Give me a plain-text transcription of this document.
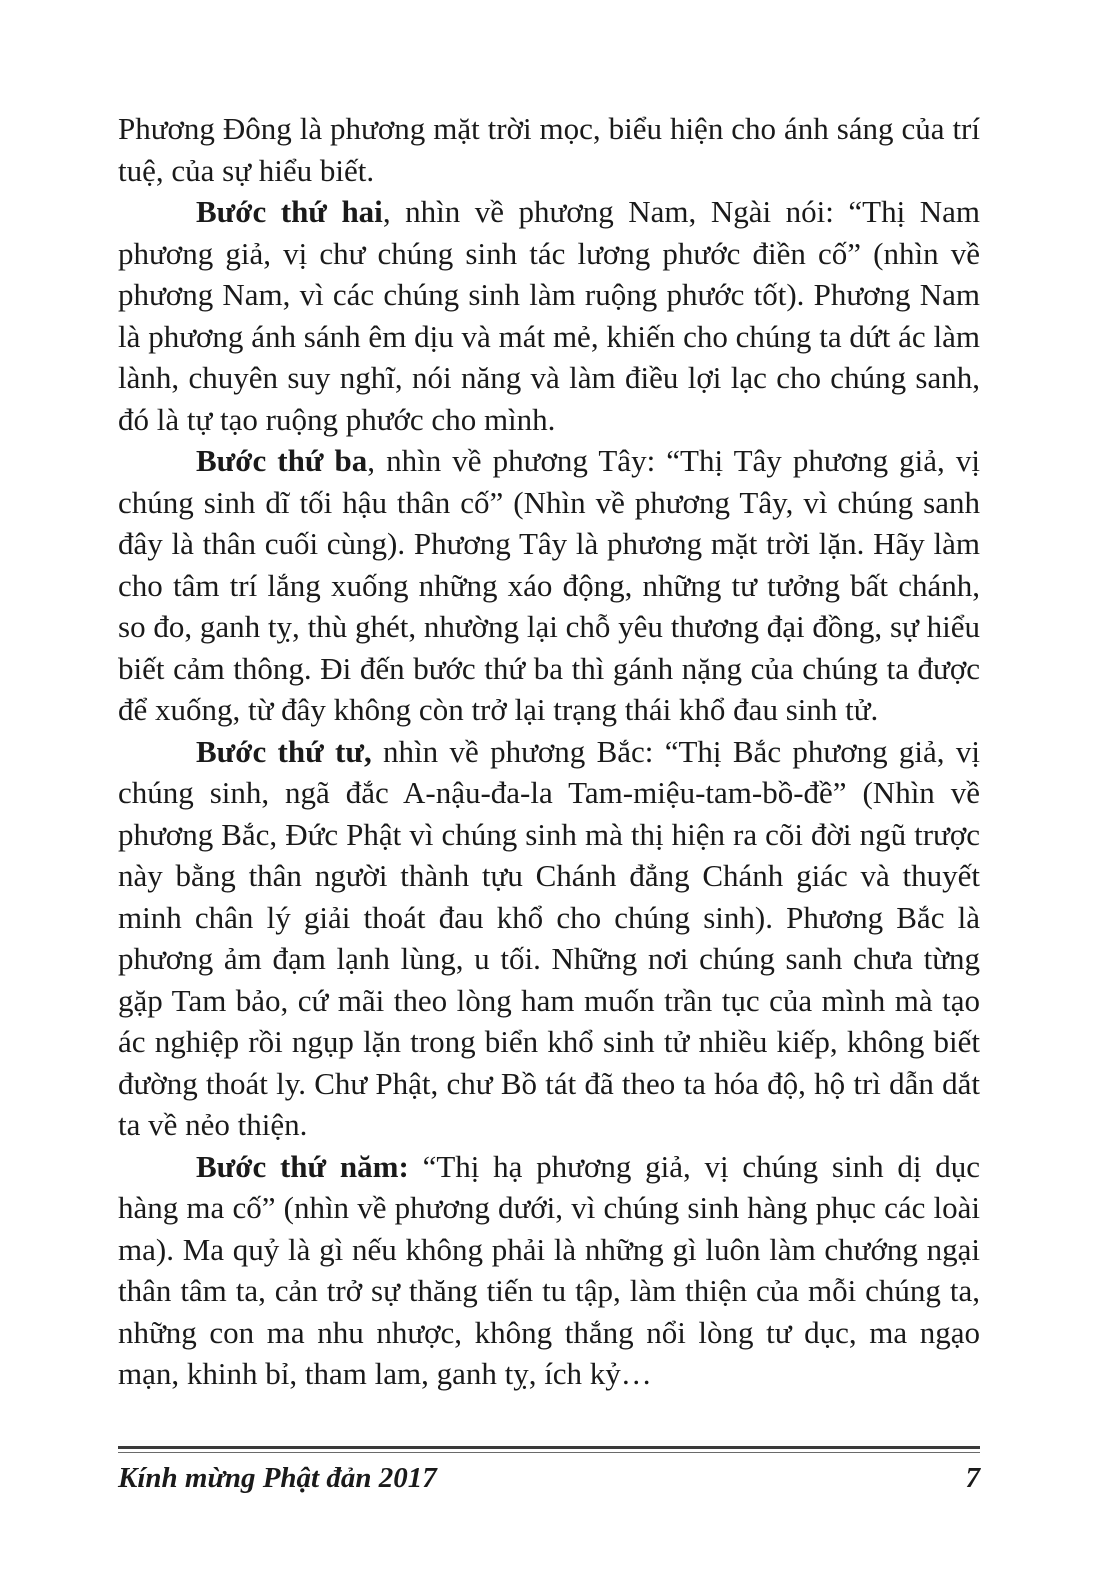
Phương Đông là phương mặt trời mọc, biểu hiện cho ánh sáng của trí tuệ, của sự hiểu biết.

Bước thứ hai, nhìn về phương Nam, Ngài nói: “Thị Nam phương giả, vị chư chúng sinh tác lương phước điền cố” (nhìn về phương Nam, vì các chúng sinh làm ruộng phước tốt). Phương Nam là phương ánh sánh êm dịu và mát mẻ, khiến cho chúng ta dứt ác làm lành, chuyên suy nghĩ, nói năng và làm điều lợi lạc cho chúng sanh, đó là tự tạo ruộng phước cho mình.

Bước thứ ba, nhìn về phương Tây: “Thị Tây phương giả, vị chúng sinh dĩ tối hậu thân cố” (Nhìn về phương Tây, vì chúng sanh đây là thân cuối cùng). Phương Tây là phương mặt trời lặn. Hãy làm cho tâm trí lắng xuống những xáo động, những tư tưởng bất chánh, so đo, ganh tỵ, thù ghét, nhường lại chỗ yêu thương đại đồng, sự hiểu biết cảm thông. Đi đến bước thứ ba thì gánh nặng của chúng ta được để xuống, từ đây không còn trở lại trạng thái khổ đau sinh tử.

Bước thứ tư, nhìn về phương Bắc: “Thị Bắc phương giả, vị chúng sinh, ngã đắc A-nậu-đa-la Tam-miệu-tam-bồ-đề” (Nhìn về phương Bắc, Đức Phật vì chúng sinh mà thị hiện ra cõi đời ngũ trược này bằng thân người thành tựu Chánh đẳng Chánh giác và thuyết minh chân lý giải thoát đau khổ cho chúng sinh). Phương Bắc là phương ảm đạm lạnh lùng, u tối. Những nơi chúng sanh chưa từng gặp Tam bảo, cứ mãi theo lòng ham muốn trần tục của mình mà tạo ác nghiệp rồi ngụp lặn trong biển khổ sinh tử nhiều kiếp, không biết đường thoát ly. Chư Phật, chư Bồ tát đã theo ta hóa độ, hộ trì dẫn dắt ta về nẻo thiện.

Bước thứ năm: “Thị hạ phương giả, vị chúng sinh dị dục hàng ma cố” (nhìn về phương dưới, vì chúng sinh hàng phục các loài ma). Ma quỷ là gì nếu không phải là những gì luôn làm chướng ngại thân tâm ta, cản trở sự thăng tiến tu tập, làm thiện của mỗi chúng ta, những con ma nhu nhược, không thắng nổi lòng tư dục, ma ngạo mạn, khinh bỉ, tham lam, ganh tỵ, ích kỷ…

Kính mừng Phật đản 2017	7
